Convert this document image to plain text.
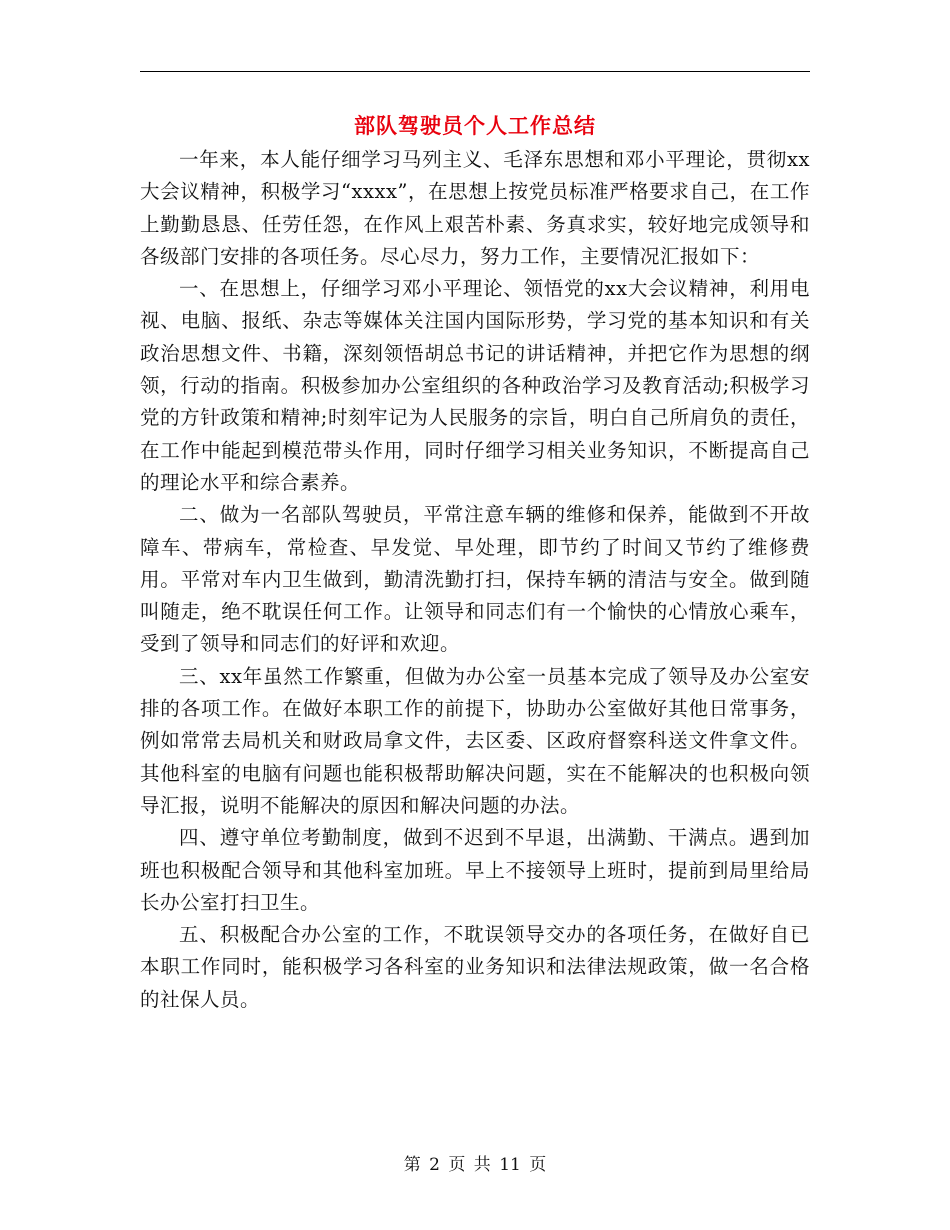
部队驾驶员个人工作总结

一年来，本人能仔细学习马列主义、毛泽东思想和邓小平理论，贯彻xx大会议精神，积极学习“xxxx”，在思想上按党员标准严格要求自己，在工作上勤勤恳恳、任劳任怨，在作风上艰苦朴素、务真求实，较好地完成领导和各级部门安排的各项任务。尽心尽力，努力工作，主要情况汇报如下：

一、在思想上，仔细学习邓小平理论、领悟党的xx大会议精神，利用电视、电脑、报纸、杂志等媒体关注国内国际形势，学习党的基本知识和有关政治思想文件、书籍，深刻领悟胡总书记的讲话精神，并把它作为思想的纲领，行动的指南。积极参加办公室组织的各种政治学习及教育活动;积极学习党的方针政策和精神;时刻牢记为人民服务的宗旨，明白自己所肩负的责任，在工作中能起到模范带头作用，同时仔细学习相关业务知识，不断提高自己的理论水平和综合素养。

二、做为一名部队驾驶员，平常注意车辆的维修和保养，能做到不开故障车、带病车，常检查、早发觉、早处理，即节约了时间又节约了维修费用。平常对车内卫生做到，勤清洗勤打扫，保持车辆的清洁与安全。做到随叫随走，绝不耽误任何工作。让领导和同志们有一个愉快的心情放心乘车，受到了领导和同志们的好评和欢迎。

三、xx年虽然工作繁重，但做为办公室一员基本完成了领导及办公室安排的各项工作。在做好本职工作的前提下，协助办公室做好其他日常事务，例如常常去局机关和财政局拿文件，去区委、区政府督察科送文件拿文件。其他科室的电脑有问题也能积极帮助解决问题，实在不能解决的也积极向领导汇报，说明不能解决的原因和解决问题的办法。

四、遵守单位考勤制度，做到不迟到不早退，出满勤、干满点。遇到加班也积极配合领导和其他科室加班。早上不接领导上班时，提前到局里给局长办公室打扫卫生。

五、积极配合办公室的工作，不耽误领导交办的各项任务，在做好自已本职工作同时，能积极学习各科室的业务知识和法律法规政策，做一名合格的社保人员。

第 2 页 共 11 页
